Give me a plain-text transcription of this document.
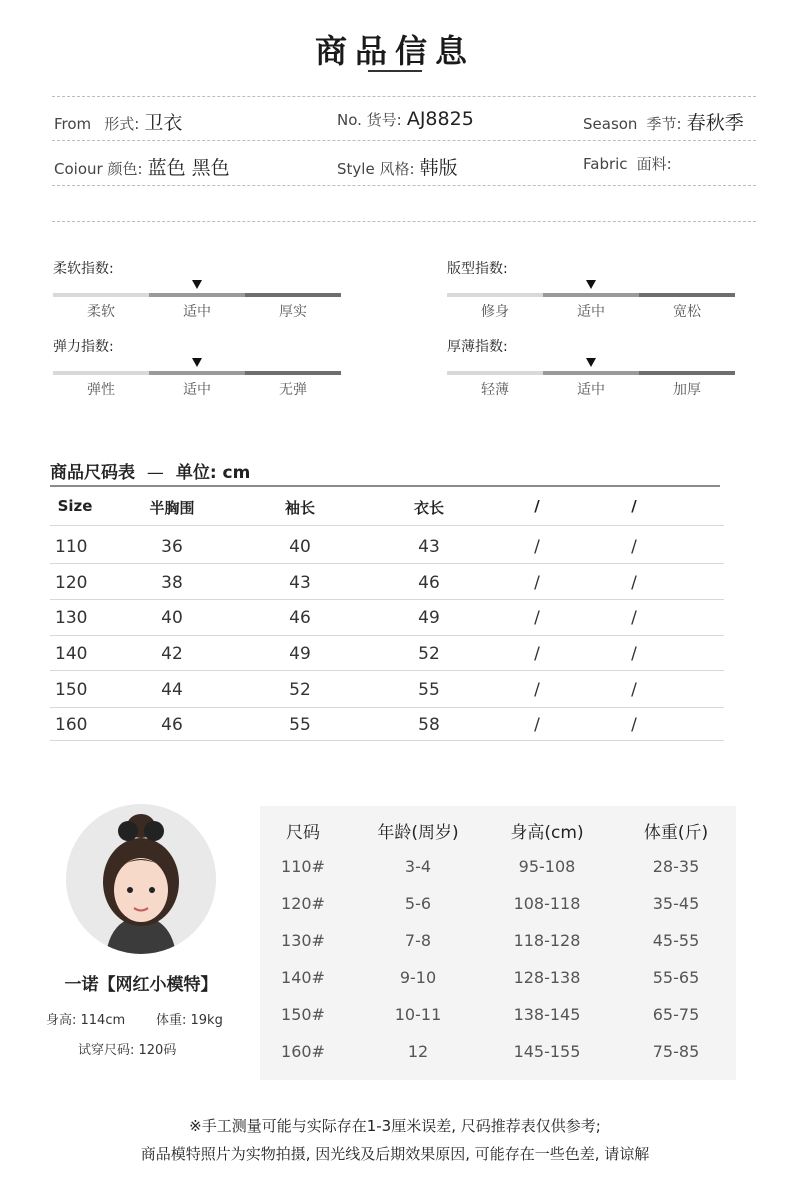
商品信息
From 形式: 卫衣	No. 货号: AJ8825	Season 季节: 春秋季
Coiour 颜色: 蓝色 黑色	Style 风格: 韩版	Fabric 面料:
柔软指数:
柔软	适中	厚实
版型指数:
修身	适中	宽松
弹力指数:
弹性	适中	无弹
厚薄指数:
轻薄	适中	加厚
商品尺码表 — 单位: cm
Size	半胸围	袖长	衣长	/	/
110	36	40	43	/	/
120	38	43	46	/	/
130	40	46	49	/	/
140	42	49	52	/	/
150	44	52	55	/	/
160	46	55	58	/	/
一诺【网红小模特】
身高: 114cm 体重: 19kg
试穿尺码: 120码
尺码	年龄(周岁)	身高(cm)	体重(斤)
110#	3-4	95-108	28-35
120#	5-6	108-118	35-45
130#	7-8	118-128	45-55
140#	9-10	128-138	55-65
150#	10-11	138-145	65-75
160#	12	145-155	75-85
※手工测量可能与实际存在1-3厘米误差, 尺码推荐表仅供参考;
商品模特照片为实物拍摄, 因光线及后期效果原因, 可能存在一些色差, 请谅解
